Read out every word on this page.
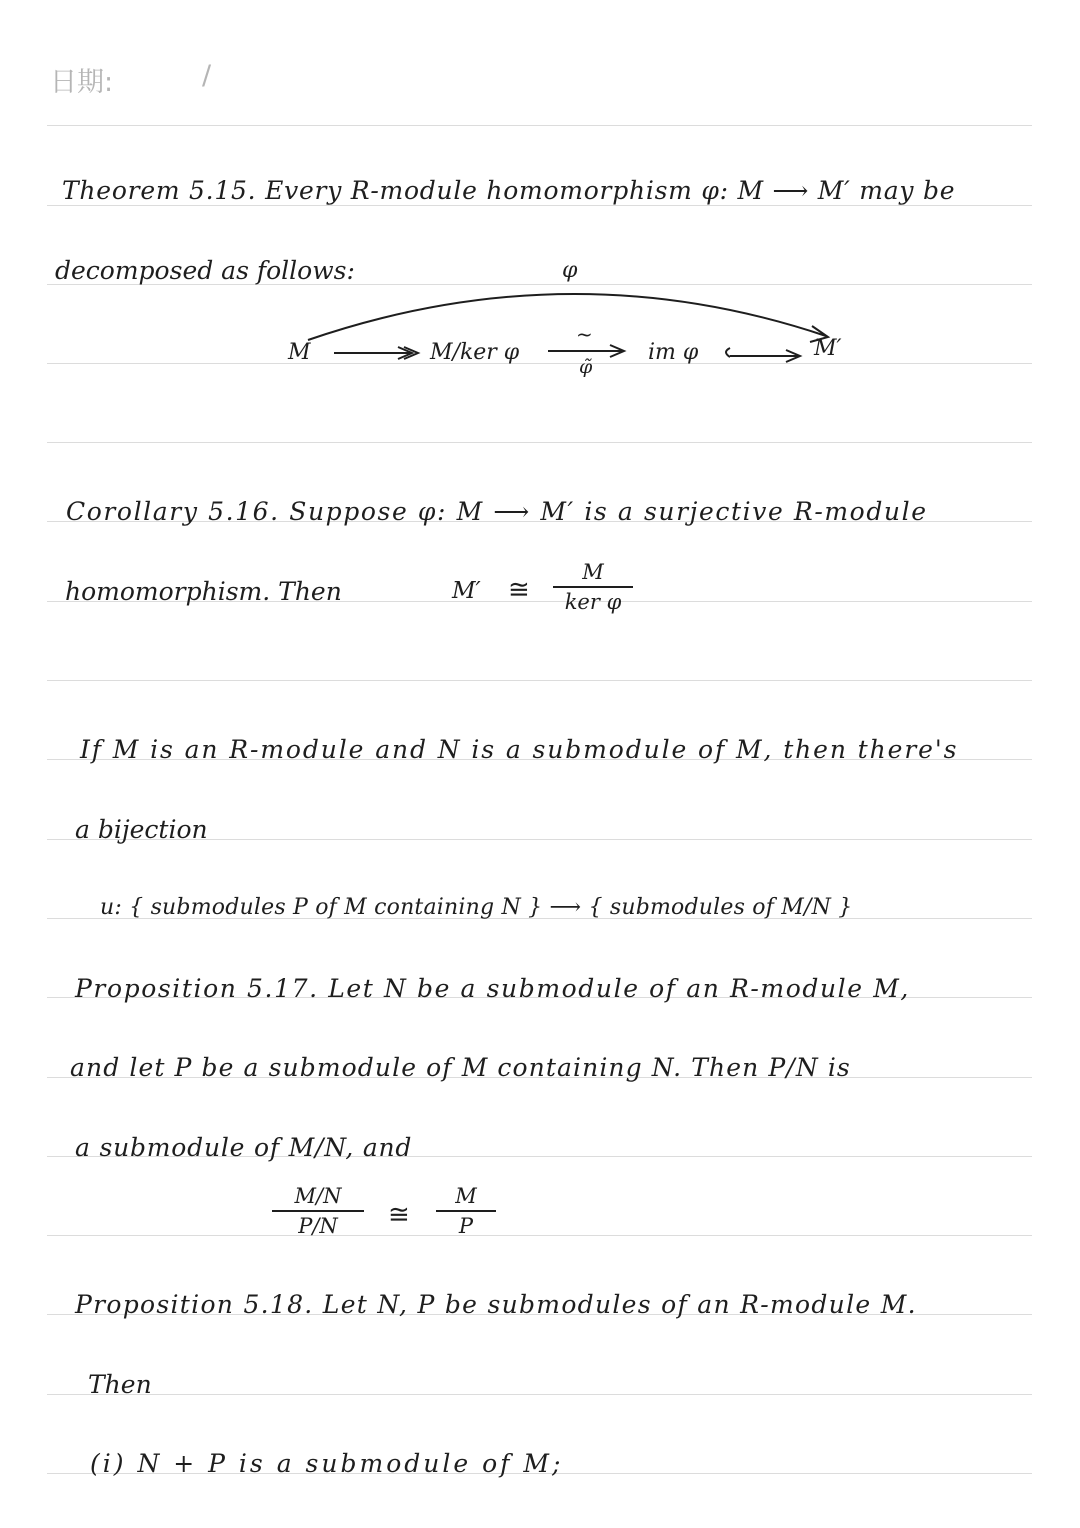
日期:	/
Theorem 5.15. Every R-module homomorphism φ: M ⟶ M′ may be
decomposed as follows:	φ
M	M/ker φ
~
φ̃
im φ	M′
Corollary 5.16. Suppose φ: M ⟶ M′ is a surjective R-module
homomorphism. Then	M′ ≅
M
ker φ
If M is an R-module and N is a submodule of M, then there's
a bijection
u: { submodules P of M containing N } ⟶ { submodules of M/N }
Proposition 5.17. Let N be a submodule of an R-module M,
and let P be a submodule of M containing N. Then P/N is
a submodule of M/N, and
M/N
P/N ≅
M
P
Proposition 5.18. Let N, P be submodules of an R-module M.
Then
(i) N + P is a submodule of M;
